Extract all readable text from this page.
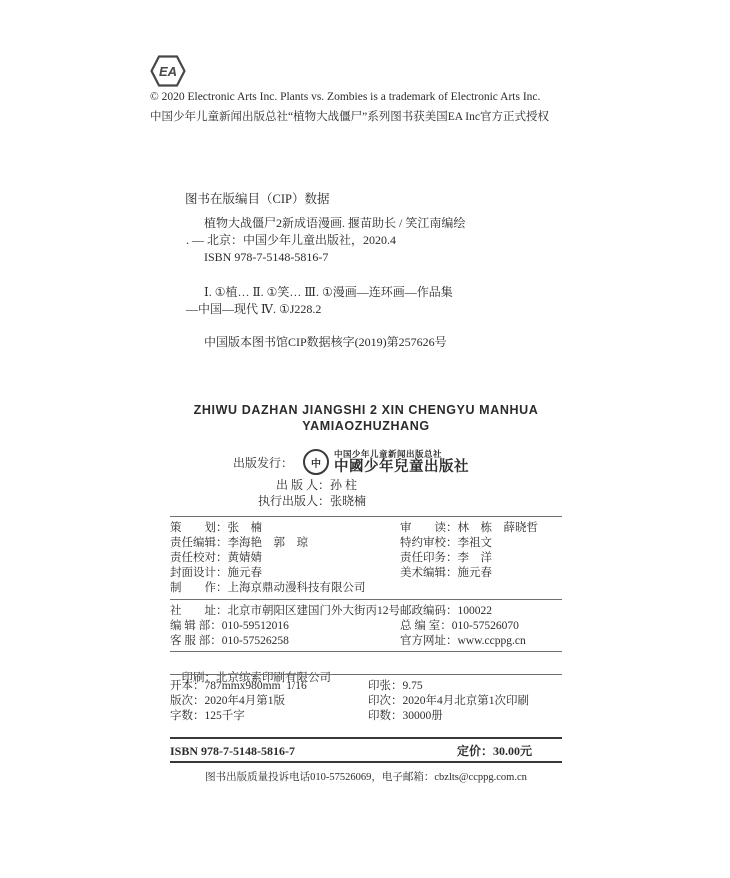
EA
© 2020 Electronic Arts Inc. Plants vs. Zombies is a trademark of Electronic Arts Inc.
中国少年儿童新闻出版总社“植物大战僵尸”系列图书获美国EA Inc官方正式授权
图书在版编目（CIP）数据
植物大战僵尸2新成语漫画. 揠苗助长 / 笑江南编绘
. — 北京：中国少年儿童出版社，2020.4
ISBN 978-7-5148-5816-7
Ⅰ. ①植… Ⅱ. ①笑… Ⅲ. ①漫画—连环画—作品集
—中国—现代 Ⅳ. ①J228.2
中国版本图书馆CIP数据核字(2019)第257626号
ZHIWU DAZHAN JIANGSHI 2 XIN CHENGYU MANHUA
YAMIAOZHUZHANG
出版发行：	中
中国少年儿童新闻出版总社
中國少年兒童出版社
出 版 人： 孙 柱
执行出版人： 张晓楠
策　　划： 张　楠	审　　读： 林　栋　薛晓哲
责任编辑： 李海艳　郭　琼	特约审校： 李祖文
责任校对： 黄婧婧	责任印务： 李　洋
封面设计： 施元春	美术编辑： 施元春
制　　作： 上海京鼎动漫科技有限公司
社　　址： 北京市朝阳区建国门外大街丙12号 邮政编码： 100022
编 辑 部： 010-59512016	总 编 室： 010-57526070
客 服 部： 010-57526258	官方网址： www.ccppg.cn

印刷：北京缤索印刷有限公司

开本： 787mmx980mm  1/16	印张： 9.75
版次： 2020年4月第1版	印次： 2020年4月北京第1次印刷
字数： 125千字	印数： 30000册
ISBN 978-7-5148-5816-7	定价：30.00元
图书出版质量投诉电话010-57526069，电子邮箱：cbzlts@ccppg.com.cn
